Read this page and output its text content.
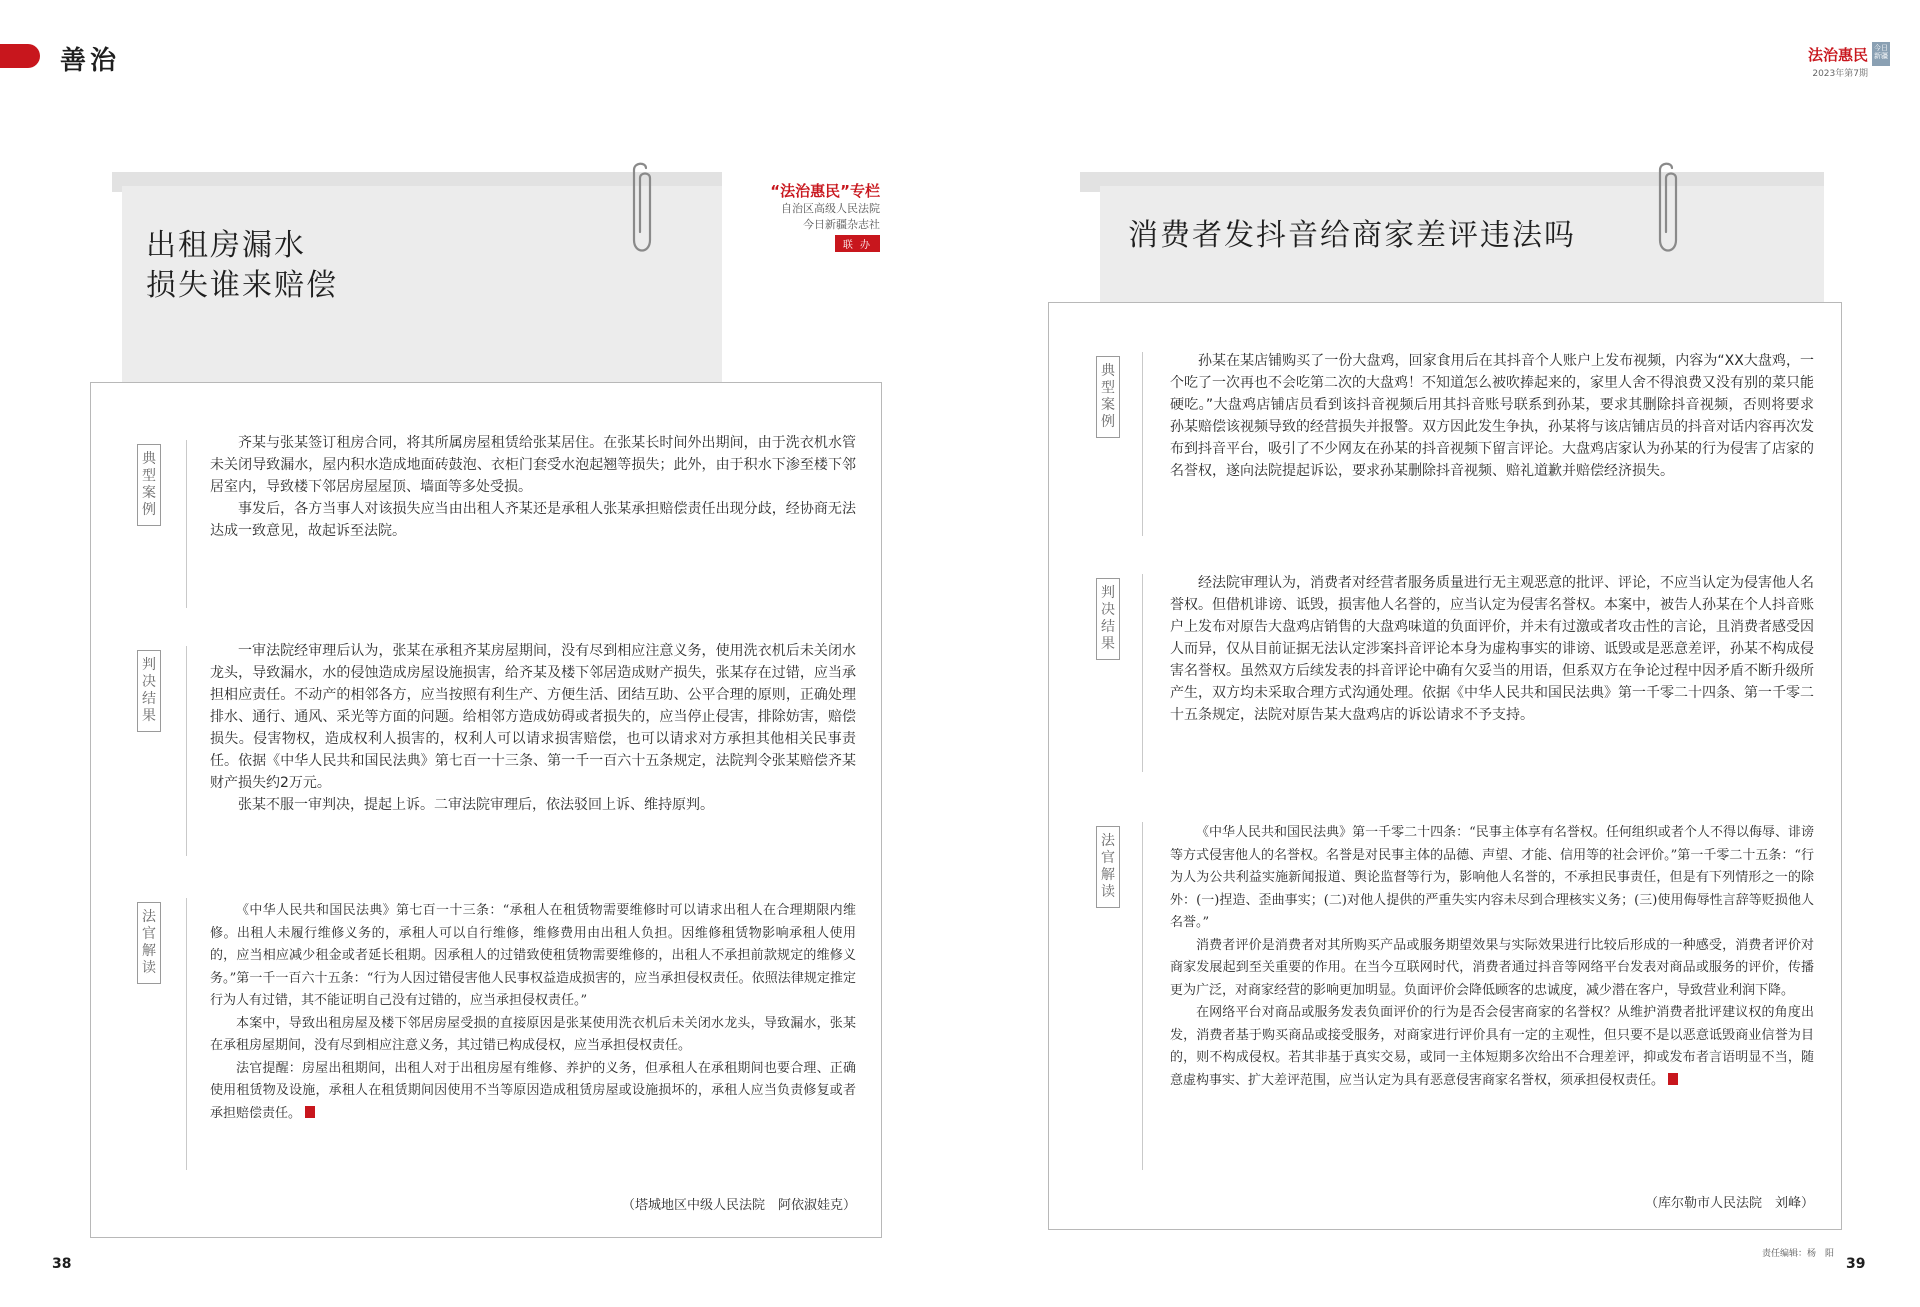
善治	法治惠民
2023年第7期
今日新疆
出租房漏水
损失谁来赔偿
“法治惠民”专栏
自治区高级人民法院
今日新疆杂志社
联 办
典
型
案
例

齐某与张某签订租房合同，将其所属房屋租赁给张某居住。在张某长时间外出期间，由于洗衣机水管未关闭导致漏水，屋内积水造成地面砖鼓泡、衣柜门套受水泡起翘等损失；此外，由于积水下渗至楼下邻居室内，导致楼下邻居房屋屋顶、墙面等多处受损。

事发后，各方当事人对该损失应当由出租人齐某还是承租人张某承担赔偿责任出现分歧，经协商无法达成一致意见，故起诉至法院。

判
决
结
果

一审法院经审理后认为，张某在承租齐某房屋期间，没有尽到相应注意义务，使用洗衣机后未关闭水龙头，导致漏水，水的侵蚀造成房屋设施损害，给齐某及楼下邻居造成财产损失，张某存在过错，应当承担相应责任。不动产的相邻各方，应当按照有利生产、方便生活、团结互助、公平合理的原则，正确处理排水、通行、通风、采光等方面的问题。给相邻方造成妨碍或者损失的，应当停止侵害，排除妨害，赔偿损失。侵害物权，造成权利人损害的，权利人可以请求损害赔偿，也可以请求对方承担其他相关民事责任。依据《中华人民共和国民法典》第七百一十三条、第一千一百六十五条规定，法院判令张某赔偿齐某财产损失约2万元。

张某不服一审判决，提起上诉。二审法院审理后，依法驳回上诉、维持原判。

法
官
解
读

《中华人民共和国民法典》第七百一十三条：“承租人在租赁物需要维修时可以请求出租人在合理期限内维修。出租人未履行维修义务的，承租人可以自行维修，维修费用由出租人负担。因维修租赁物影响承租人使用的，应当相应减少租金或者延长租期。因承租人的过错致使租赁物需要维修的，出租人不承担前款规定的维修义务。”第一千一百六十五条：“行为人因过错侵害他人民事权益造成损害的，应当承担侵权责任。依照法律规定推定行为人有过错，其不能证明自己没有过错的，应当承担侵权责任。”

本案中，导致出租房屋及楼下邻居房屋受损的直接原因是张某使用洗衣机后未关闭水龙头，导致漏水，张某在承租房屋期间，没有尽到相应注意义务，其过错已构成侵权，应当承担侵权责任。

法官提醒：房屋出租期间，出租人对于出租房屋有维修、养护的义务，但承租人在承租期间也要合理、正确使用租赁物及设施，承租人在租赁期间因使用不当等原因造成租赁房屋或设施损坏的，承租人应当负责修复或者承担赔偿责任。

（塔城地区中级人民法院　阿依淑娃克）
38
消费者发抖音给商家差评违法吗
典
型
案
例

孙某在某店铺购买了一份大盘鸡，回家食用后在其抖音个人账户上发布视频，内容为“XX大盘鸡，一个吃了一次再也不会吃第二次的大盘鸡！不知道怎么被吹捧起来的，家里人舍不得浪费又没有别的菜只能硬吃。”大盘鸡店铺店员看到该抖音视频后用其抖音账号联系到孙某，要求其删除抖音视频，否则将要求孙某赔偿该视频导致的经营损失并报警。双方因此发生争执，孙某将与该店铺店员的抖音对话内容再次发布到抖音平台，吸引了不少网友在孙某的抖音视频下留言评论。大盘鸡店家认为孙某的行为侵害了店家的名誉权，遂向法院提起诉讼，要求孙某删除抖音视频、赔礼道歉并赔偿经济损失。

判
决
结
果

经法院审理认为，消费者对经营者服务质量进行无主观恶意的批评、评论，不应当认定为侵害他人名誉权。但借机诽谤、诋毁，损害他人名誉的，应当认定为侵害名誉权。本案中，被告人孙某在个人抖音账户上发布对原告大盘鸡店销售的大盘鸡味道的负面评价，并未有过激或者攻击性的言论，且消费者感受因人而异，仅从目前证据无法认定涉案抖音评论本身为虚构事实的诽谤、诋毁或是恶意差评，孙某不构成侵害名誉权。虽然双方后续发表的抖音评论中确有欠妥当的用语，但系双方在争论过程中因矛盾不断升级所产生，双方均未采取合理方式沟通处理。依据《中华人民共和国民法典》第一千零二十四条、第一千零二十五条规定，法院对原告某大盘鸡店的诉讼请求不予支持。

法
官
解
读

《中华人民共和国民法典》第一千零二十四条：“民事主体享有名誉权。任何组织或者个人不得以侮辱、诽谤等方式侵害他人的名誉权。名誉是对民事主体的品德、声望、才能、信用等的社会评价。”第一千零二十五条：“行为人为公共利益实施新闻报道、舆论监督等行为，影响他人名誉的，不承担民事责任，但是有下列情形之一的除外：(一)捏造、歪曲事实；(二)对他人提供的严重失实内容未尽到合理核实义务；(三)使用侮辱性言辞等贬损他人名誉。”

消费者评价是消费者对其所购买产品或服务期望效果与实际效果进行比较后形成的一种感受，消费者评价对商家发展起到至关重要的作用。在当今互联网时代，消费者通过抖音等网络平台发表对商品或服务的评价，传播更为广泛，对商家经营的影响更加明显。负面评价会降低顾客的忠诚度，减少潜在客户，导致营业利润下降。

在网络平台对商品或服务发表负面评价的行为是否会侵害商家的名誉权？从维护消费者批评建议权的角度出发，消费者基于购买商品或接受服务，对商家进行评价具有一定的主观性，但只要不是以恶意诋毁商业信誉为目的，则不构成侵权。若其非基于真实交易，或同一主体短期多次给出不合理差评，抑或发布者言语明显不当，随意虚构事实、扩大差评范围，应当认定为具有恶意侵害商家名誉权，须承担侵权责任。

（库尔勒市人民法院　刘峰）
责任编辑：杨　阳
39
